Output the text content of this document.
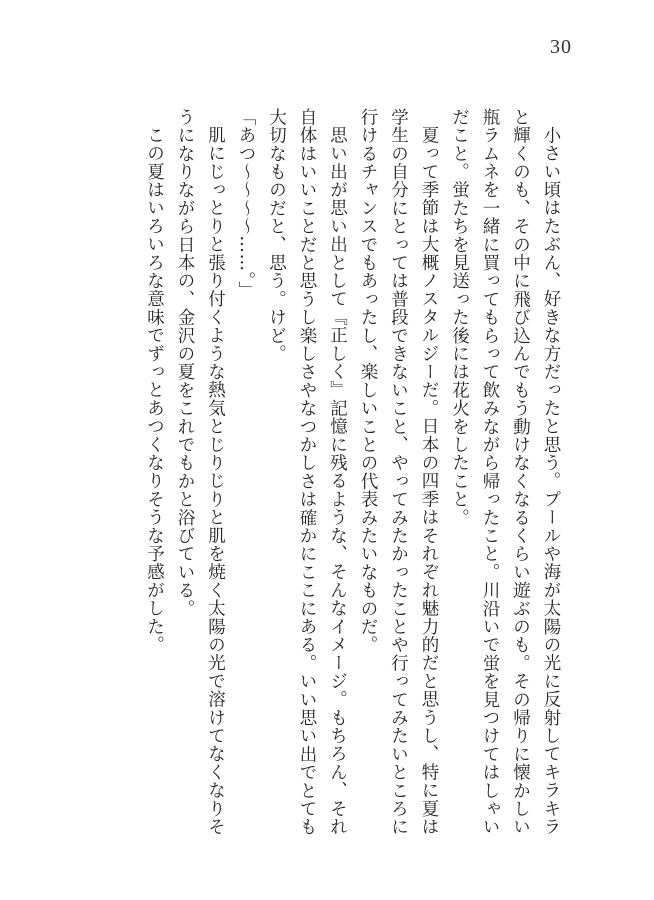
30

小さい頃はたぶん、好きな方だったと思う。プールや海が太陽の光に反射してキラキラと輝くのも、その中に飛び込んでもう動けなくなるくらい遊ぶのも。その帰りに懐かしい瓶ラムネを一緒に買ってもらって飲みながら帰ったこと。川沿いで蛍を見つけてはしゃいだこと。蛍たちを見送った後には花火をしたこと。

夏って季節は大概ノスタルジーだ。日本の四季はそれぞれ魅力的だと思うし、特に夏は学生の自分にとっては普段できないこと、やってみたかったことや行ってみたいところに行けるチャンスでもあったし、楽しいことの代表みたいなものだ。

思い出が思い出として『正しく』記憶に残るような、そんなイメージ。もちろん、それ自体はいいことだと思うし楽しさやなつかしさは確かにここにある。いい思い出でとても大切なものだと、思う。けど。

「あつ～～～～……。」

肌にじっとりと張り付くような熱気とじりじりと肌を焼く太陽の光で溶けてなくなりそうになりながら日本の、金沢の夏をこれでもかと浴びている。

この夏はいろいろな意味でずっとあつくなりそうな予感がした。
